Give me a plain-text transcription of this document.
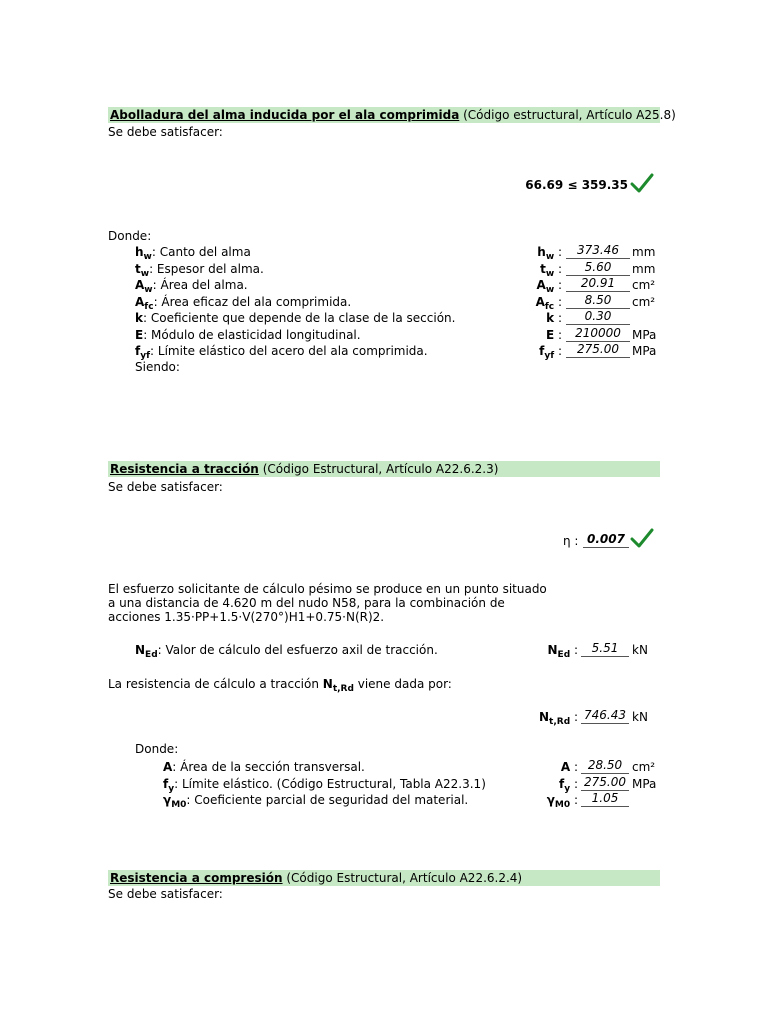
Abolladura del alma inducida por el ala comprimida (Código estructural, Artículo A25.8)
Se debe satisfacer:
66.69 ≤ 359.35
Donde:
$h_w$: Canto del alma	$h_w$ :	373.46	mm
$t_w$: Espesor del alma.	$t_w$ :	5.60	mm
$A_w$: Área del alma.	$A_w$ :	20.91	cm²
$A_{fc}$: Área eficaz del ala comprimida.	$A_{fc}$ :	8.50	cm²
k: Coeficiente que depende de la clase de la sección.	k :	0.30
E: Módulo de elasticidad longitudinal.	E :	210000 MPa
$f_{yf}$: Límite elástico del acero del ala comprimida.	$f_{yf}$ :	275.00	MPa
Siendo:
Resistencia a tracción (Código Estructural, Artículo A22.6.2.3)
Se debe satisfacer:
η : 0.007
El esfuerzo solicitante de cálculo pésimo se produce en un punto situado
a una distancia de 4.620 m del nudo N58, para la combinación de
acciones 1.35·PP+1.5·V(270°)H1+0.75·N(R)2.
$N_{Ed}$: Valor de cálculo del esfuerzo axil de tracción.	$N_{Ed}$ :	5.51	kN
La resistencia de cálculo a tracción $N_{t,Rd}$ viene dada por:
$N_{t,Rd}$ : 746.43 kN
Donde:
A: Área de la sección transversal.	A : 28.50 cm²
$f_y$: Límite elástico. (Código Estructural, Tabla A22.3.1)	$f_y$ : 275.00 MPa
$\gamma_{M0}$: Coeficiente parcial de seguridad del material.	$\gamma_{M0}$ :	1.05
Resistencia a compresión (Código Estructural, Artículo A22.6.2.4)
Se debe satisfacer:
